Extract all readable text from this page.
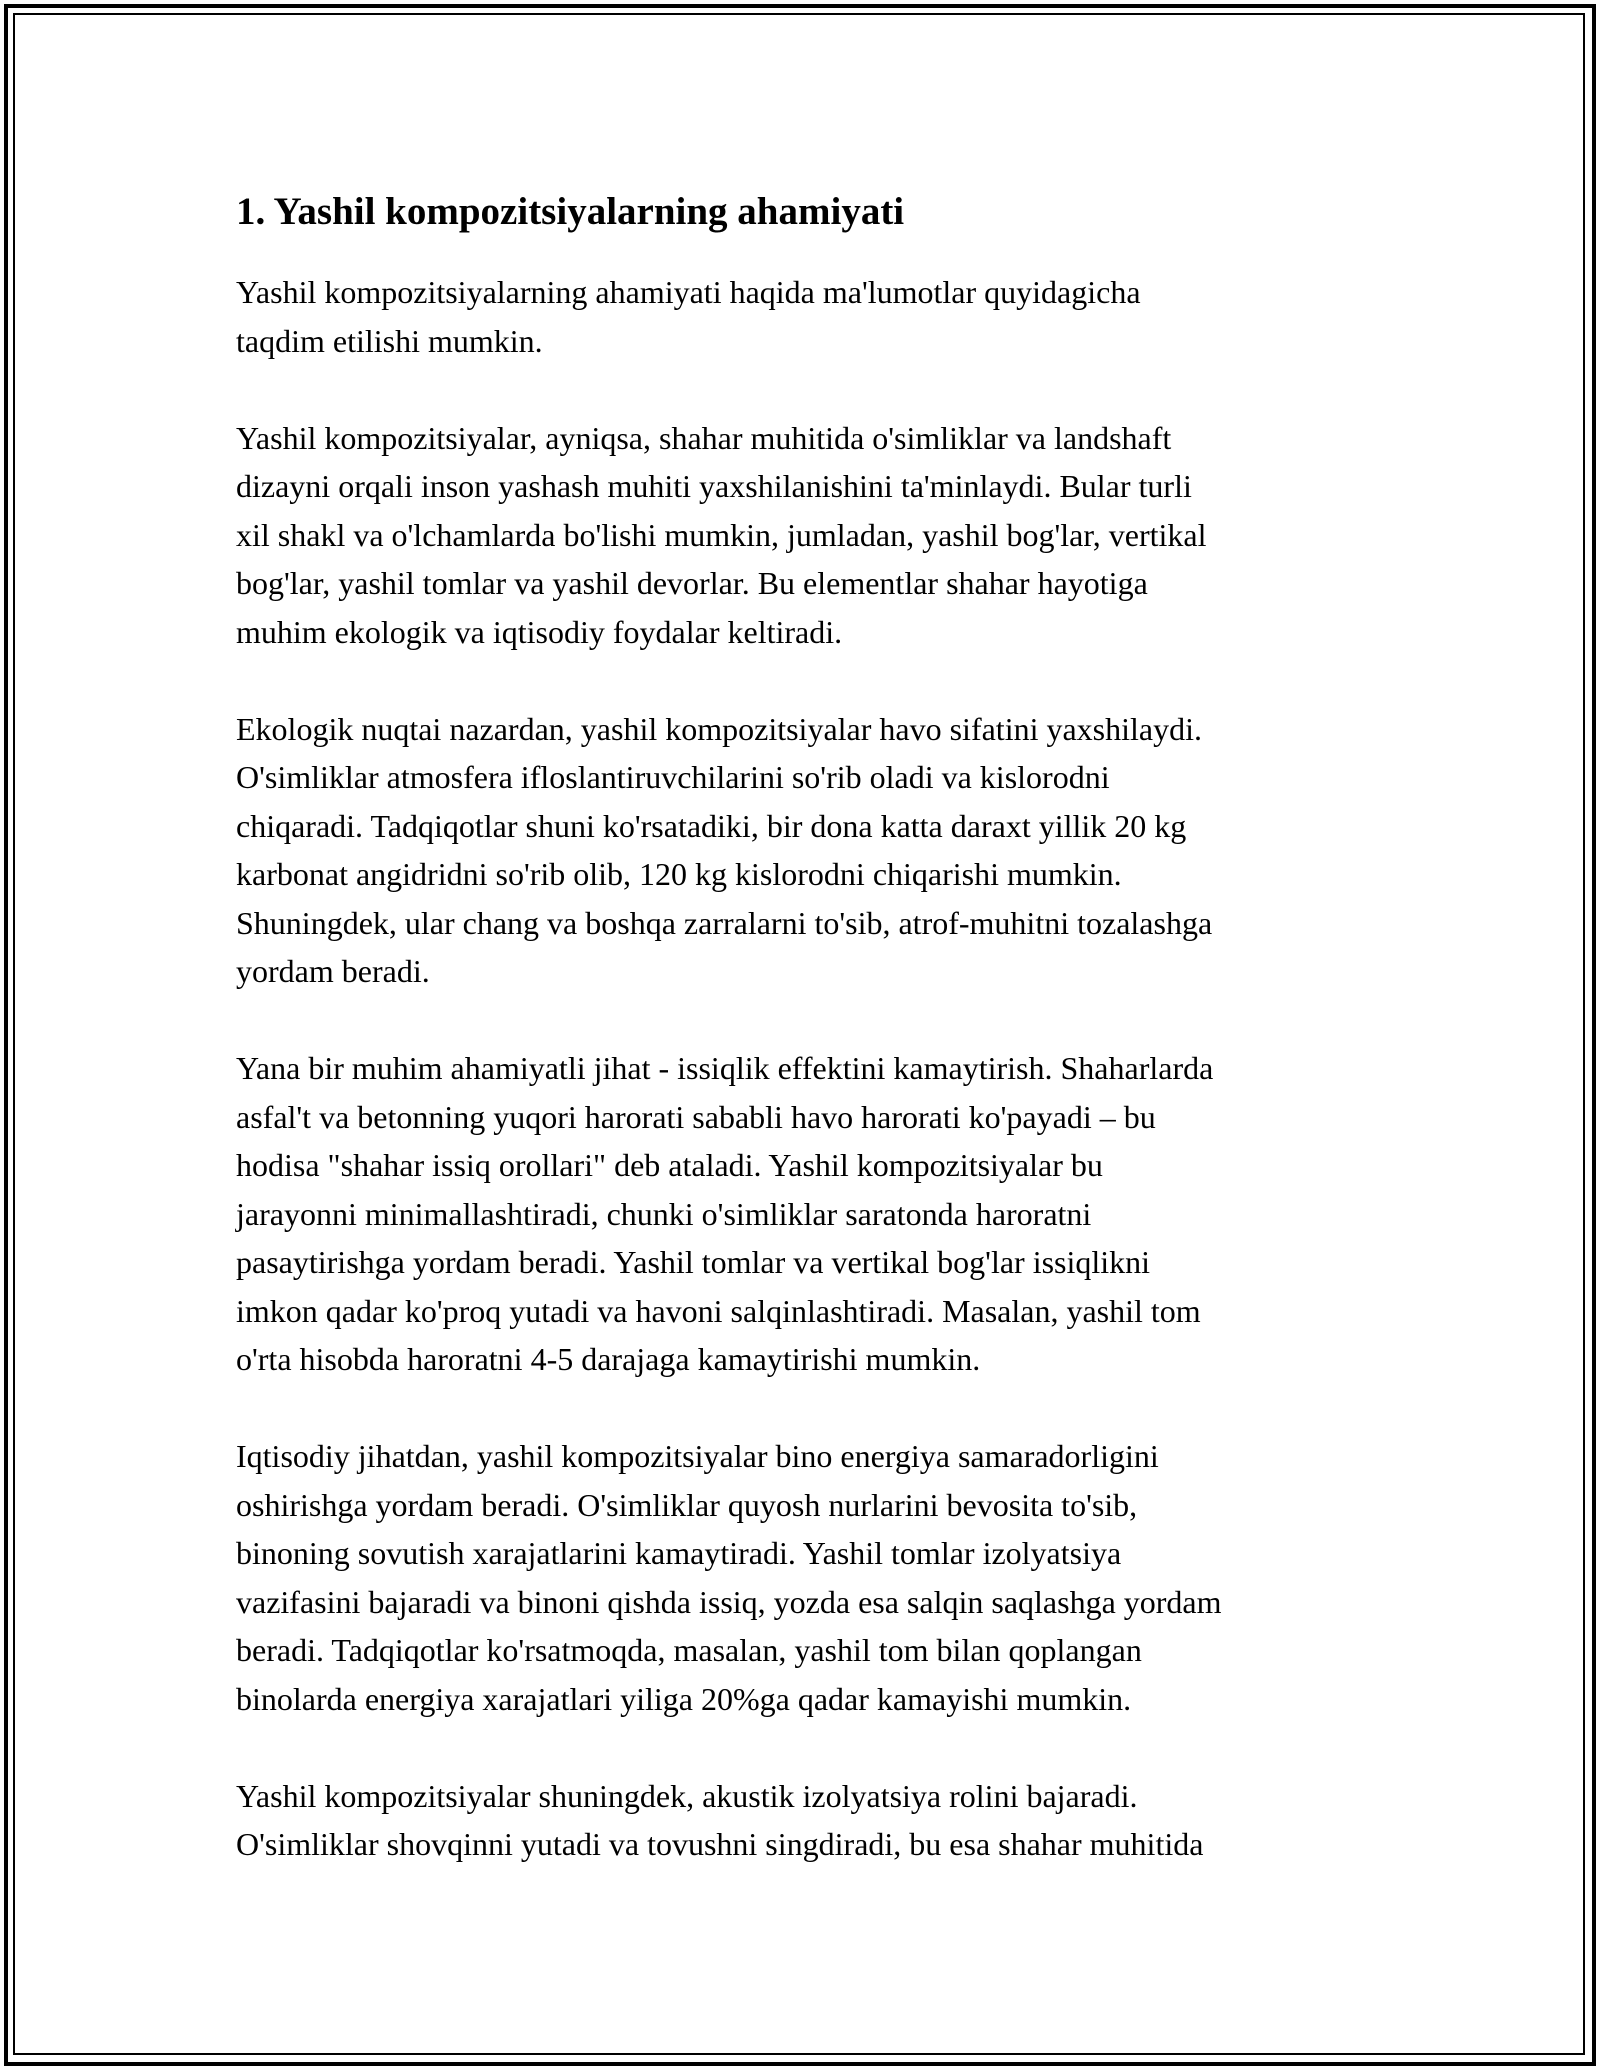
1. Yashil kompozitsiyalarning ahamiyati

Yashil kompozitsiyalarning ahamiyati haqida ma'lumotlar quyidagicha
taqdim etilishi mumkin.

Yashil kompozitsiyalar, ayniqsa, shahar muhitida o'simliklar va landshaft
dizayni orqali inson yashash muhiti yaxshilanishini ta'minlaydi. Bular turli
xil shakl va o'lchamlarda bo'lishi mumkin, jumladan, yashil bog'lar, vertikal
bog'lar, yashil tomlar va yashil devorlar. Bu elementlar shahar hayotiga
muhim ekologik va iqtisodiy foydalar keltiradi.

Ekologik nuqtai nazardan, yashil kompozitsiyalar havo sifatini yaxshilaydi.
O'simliklar atmosfera ifloslantiruvchilarini so'rib oladi va kislorodni
chiqaradi. Tadqiqotlar shuni ko'rsatadiki, bir dona katta daraxt yillik 20 kg
karbonat angidridni so'rib olib, 120 kg kislorodni chiqarishi mumkin.
Shuningdek, ular chang va boshqa zarralarni to'sib, atrof-muhitni tozalashga
yordam beradi.

Yana bir muhim ahamiyatli jihat - issiqlik effektini kamaytirish. Shaharlarda
asfal't va betonning yuqori harorati sababli havo harorati ko'payadi – bu
hodisa "shahar issiq orollari" deb ataladi. Yashil kompozitsiyalar bu
jarayonni minimallashtiradi, chunki o'simliklar saratonda haroratni
pasaytirishga yordam beradi. Yashil tomlar va vertikal bog'lar issiqlikni
imkon qadar ko'proq yutadi va havoni salqinlashtiradi. Masalan, yashil tom
o'rta hisobda haroratni 4-5 darajaga kamaytirishi mumkin.

Iqtisodiy jihatdan, yashil kompozitsiyalar bino energiya samaradorligini
oshirishga yordam beradi. O'simliklar quyosh nurlarini bevosita to'sib,
binoning sovutish xarajatlarini kamaytiradi. Yashil tomlar izolyatsiya
vazifasini bajaradi va binoni qishda issiq, yozda esa salqin saqlashga yordam
beradi. Tadqiqotlar ko'rsatmoqda, masalan, yashil tom bilan qoplangan
binolarda energiya xarajatlari yiliga 20%ga qadar kamayishi mumkin.

Yashil kompozitsiyalar shuningdek, akustik izolyatsiya rolini bajaradi.
O'simliklar shovqinni yutadi va tovushni singdiradi, bu esa shahar muhitida
